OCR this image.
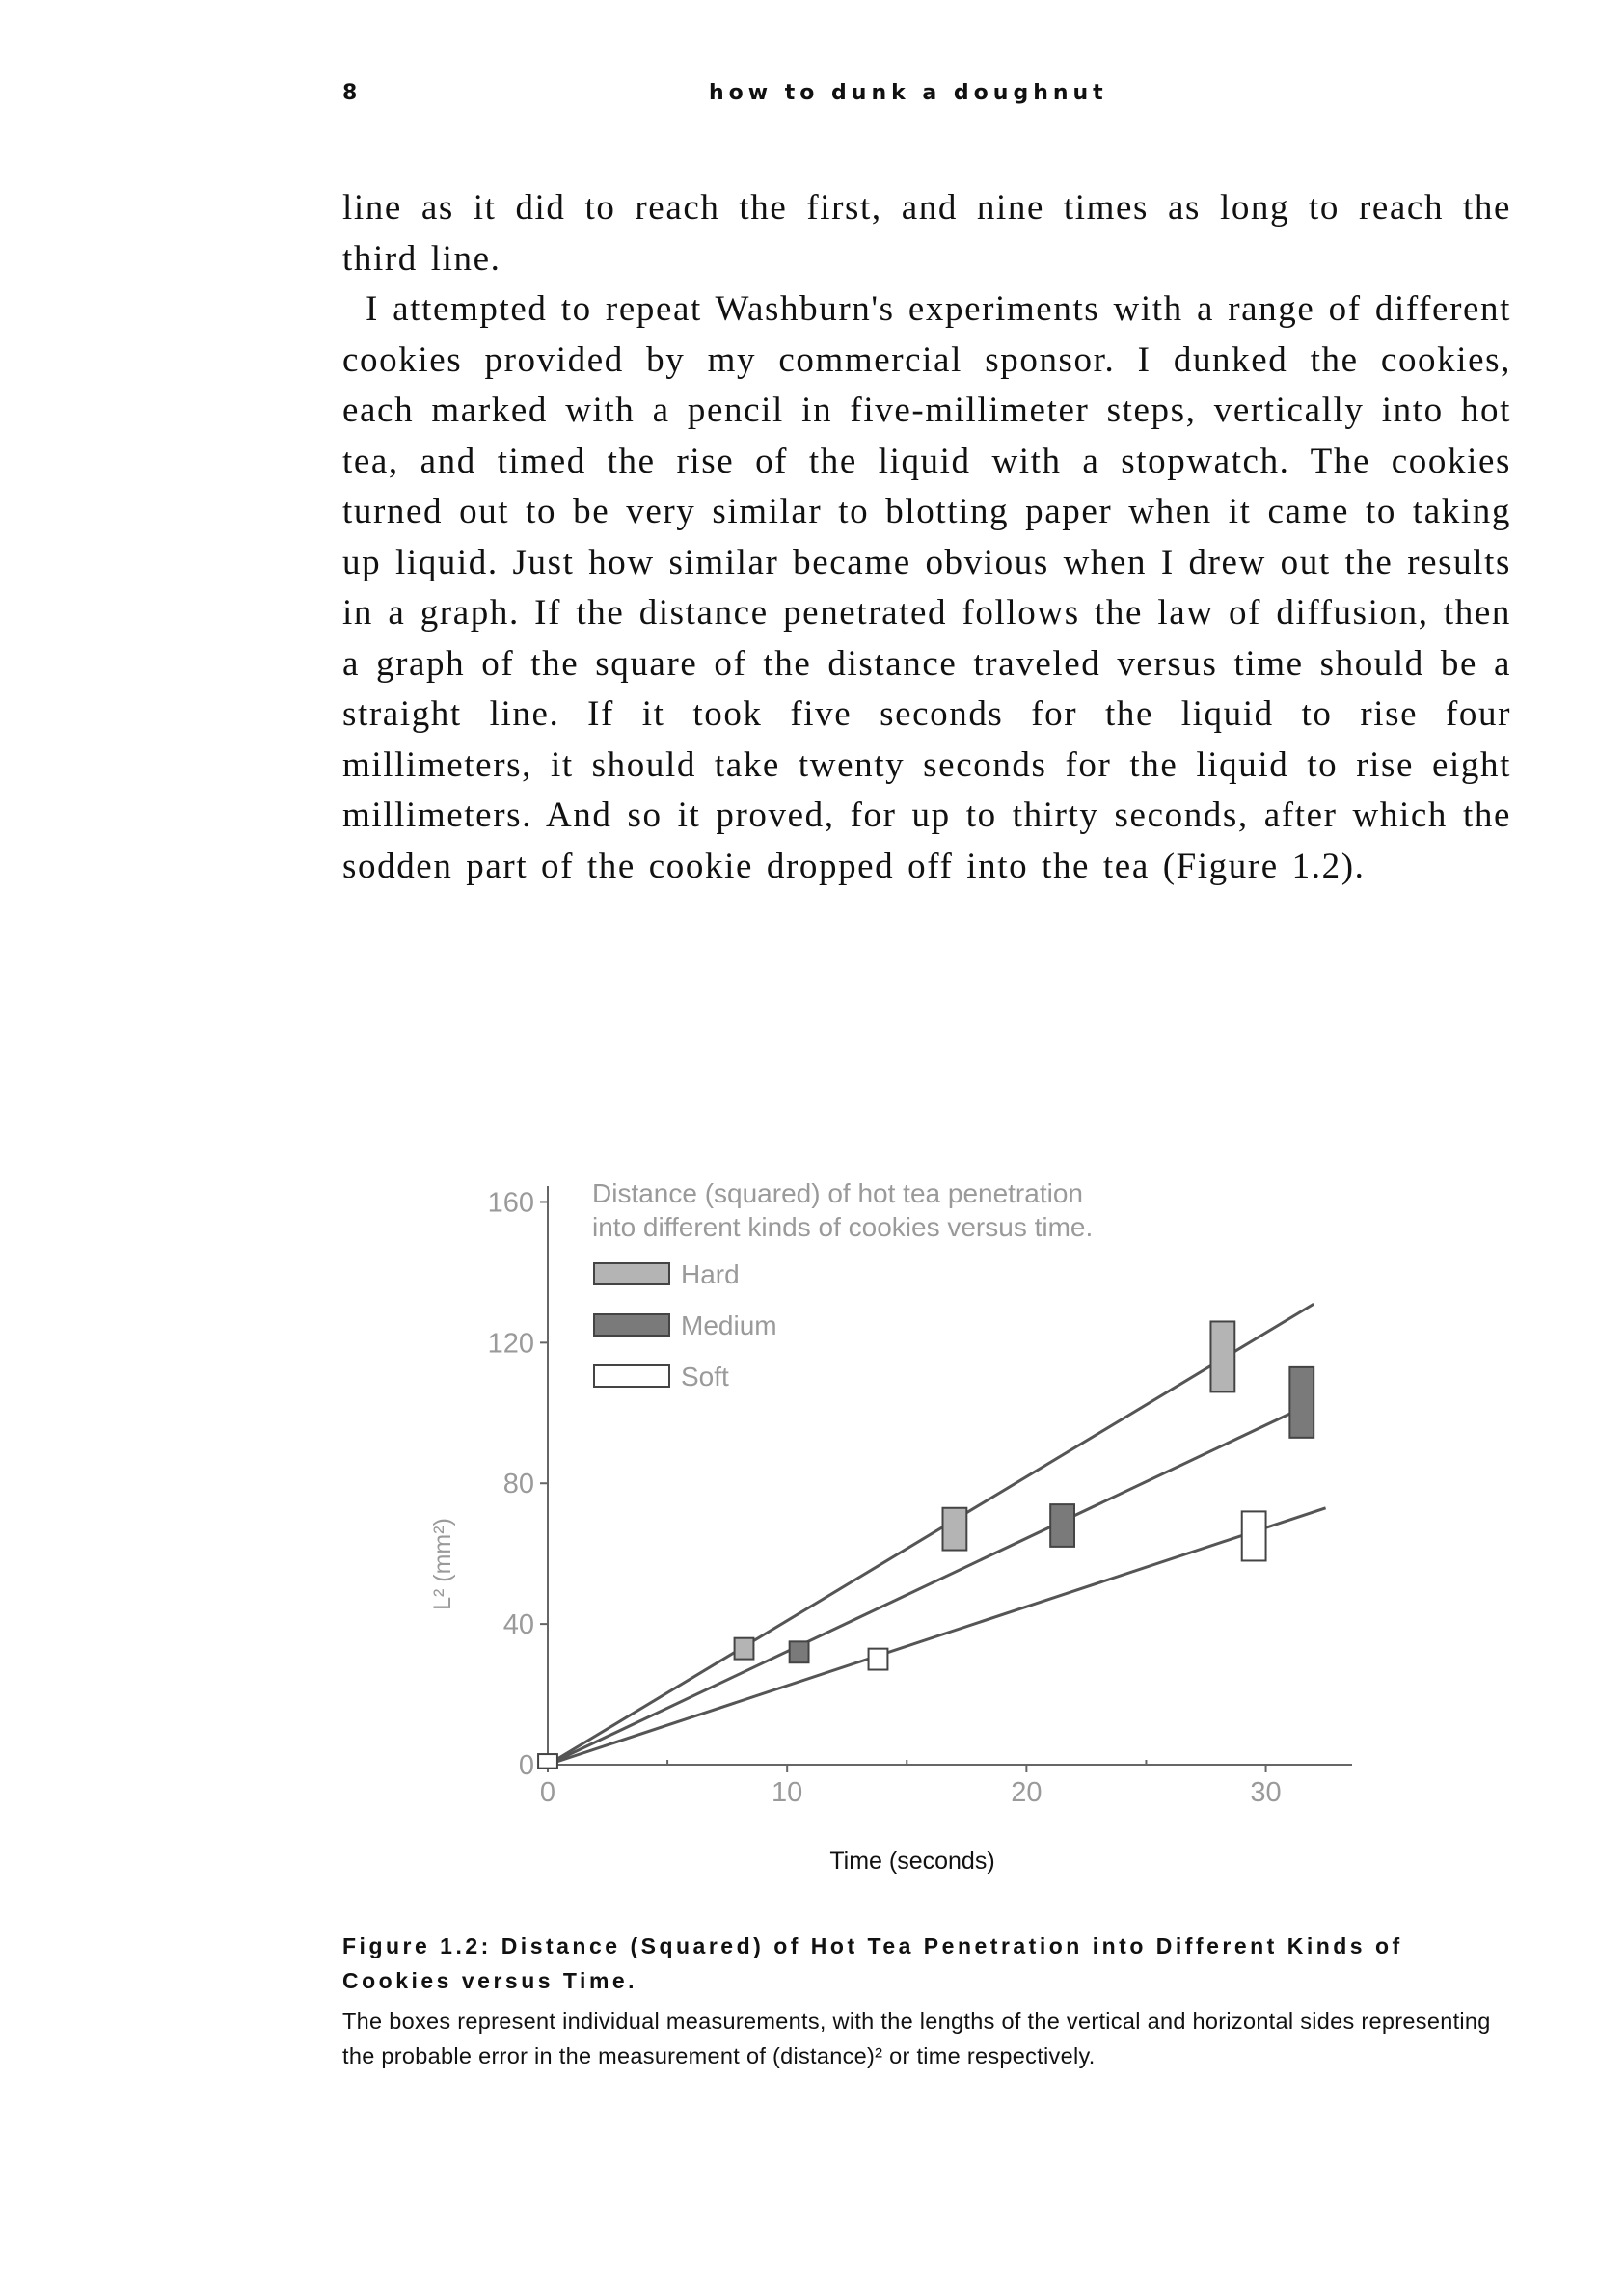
8	how to dunk a doughnut

line as it did to reach the first, and nine times as long to reach the third line.

I attempted to repeat Washburn's experiments with a range of different cookies provided by my commercial sponsor. I dunked the cookies, each marked with a pencil in five-millimeter steps, vertically into hot tea, and timed the rise of the liquid with a stopwatch. The cookies turned out to be very similar to blotting paper when it came to taking up liquid. Just how similar became obvious when I drew out the results in a graph. If the distance penetrated follows the law of diffusion, then a graph of the square of the distance traveled versus time should be a straight line. If it took five seconds for the liquid to rise four millimeters, it should take twenty seconds for the liquid to rise eight millimeters. And so it proved, for up to thirty seconds, after which the sodden part of the cookie dropped off into the tea (Figure 1.2).

0
40
80
120
160
0	10	20	30
Distance (squared) of hot tea penetration
into different kinds of cookies versus time.
Hard
Medium
Soft
Time (seconds)
L² (mm²)

Figure 1.2: Distance (Squared) of Hot Tea Penetration into Different Kinds of Cookies versus Time.

The boxes represent individual measurements, with the lengths of the vertical and horizontal sides representing the probable error in the measurement of (distance)² or time respectively.
